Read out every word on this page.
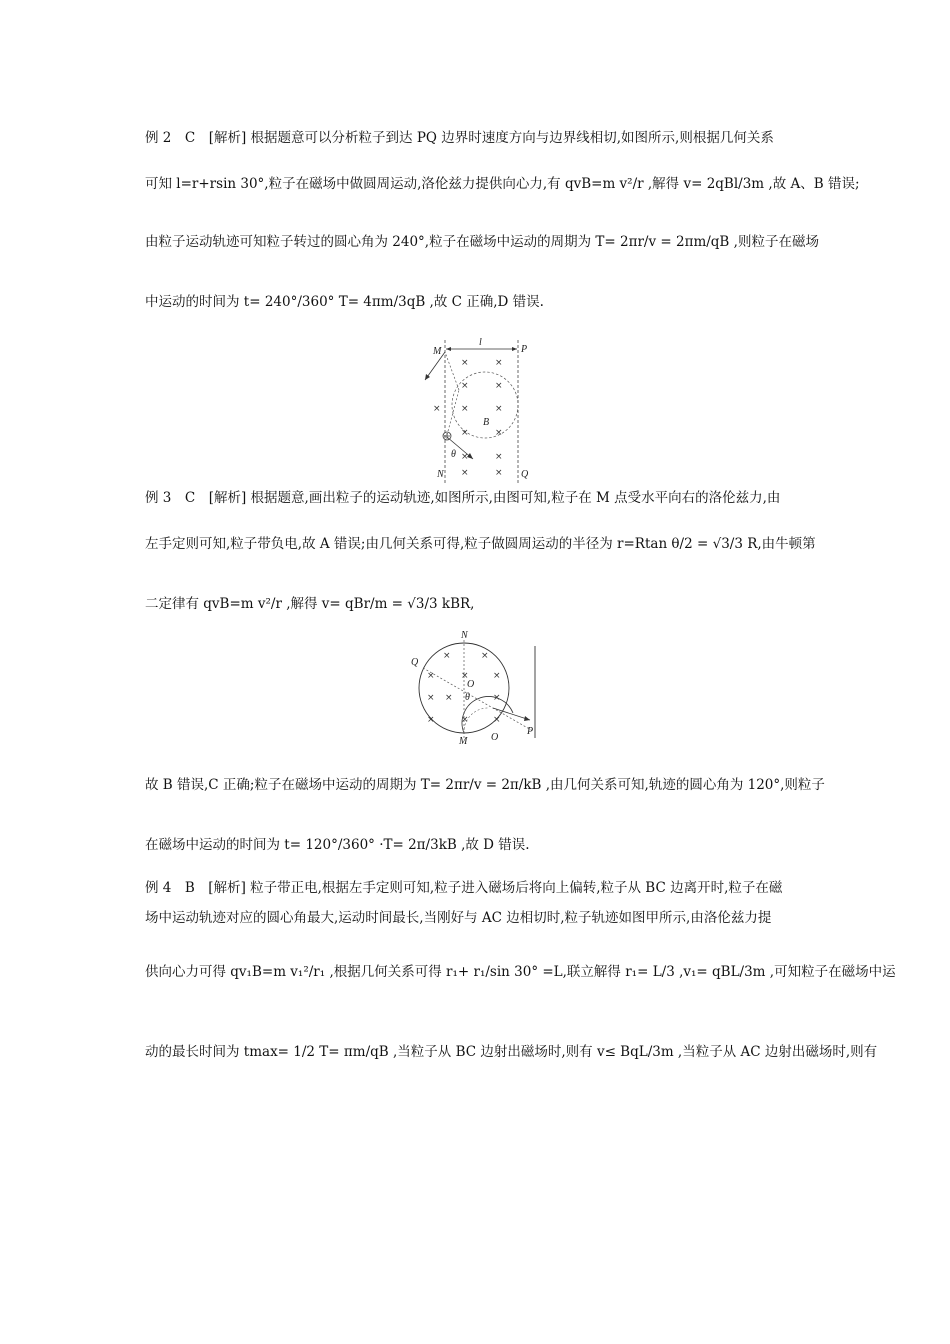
例 2　C　[解析] 根据题意可以分析粒子到达 PQ 边界时速度方向与边界线相切,如图所示,则根据几何关系
可知 l=r+rsin 30°,粒子在磁场中做圆周运动,洛伦兹力提供向心力,有 qvB=m v²/r ,解得 v= 2qBl/3m ,故 A、B 错误;
由粒子运动轨迹可知粒子转过的圆心角为 240°,粒子在磁场中运动的周期为 T= 2πr/v = 2πm/qB ,则粒子在磁场
中运动的时间为 t= 240°/360° T= 4πm/3qB ,故 C 正确,D 错误.
×	×
×	×
× ×	×
×	×
×	×
×	×
M	P
l
B
θ
N	Q
例 3　C　[解析] 根据题意,画出粒子的运动轨迹,如图所示,由图可知,粒子在 M 点受水平向右的洛伦兹力,由
左手定则可知,粒子带负电,故 A 错误;由几何关系可得,粒子做圆周运动的半径为 r=Rtan θ/2 = √3/3 R,由牛顿第
二定律有 qvB=m v²/r ,解得 v= qBr/m = √3/3 kBR,
×	×
×	×	×
× ×	×
×	×	×
N
Q
O
θ
M O
P
故 B 错误,C 正确;粒子在磁场中运动的周期为 T= 2πr/v = 2π/kB ,由几何关系可知,轨迹的圆心角为 120°,则粒子
在磁场中运动的时间为 t= 120°/360° ·T= 2π/3kB ,故 D 错误.
例 4　B　[解析] 粒子带正电,根据左手定则可知,粒子进入磁场后将向上偏转,粒子从 BC 边离开时,粒子在磁
场中运动轨迹对应的圆心角最大,运动时间最长,当刚好与 AC 边相切时,粒子轨迹如图甲所示,由洛伦兹力提
供向心力可得 qv₁B=m v₁²/r₁ ,根据几何关系可得 r₁+ r₁/sin 30° =L,联立解得 r₁= L/3 ,v₁= qBL/3m ,可知粒子在磁场中运
动的最长时间为 tmax= 1/2 T= πm/qB ,当粒子从 BC 边射出磁场时,则有 v≤ BqL/3m ,当粒子从 AC 边射出磁场时,则有
